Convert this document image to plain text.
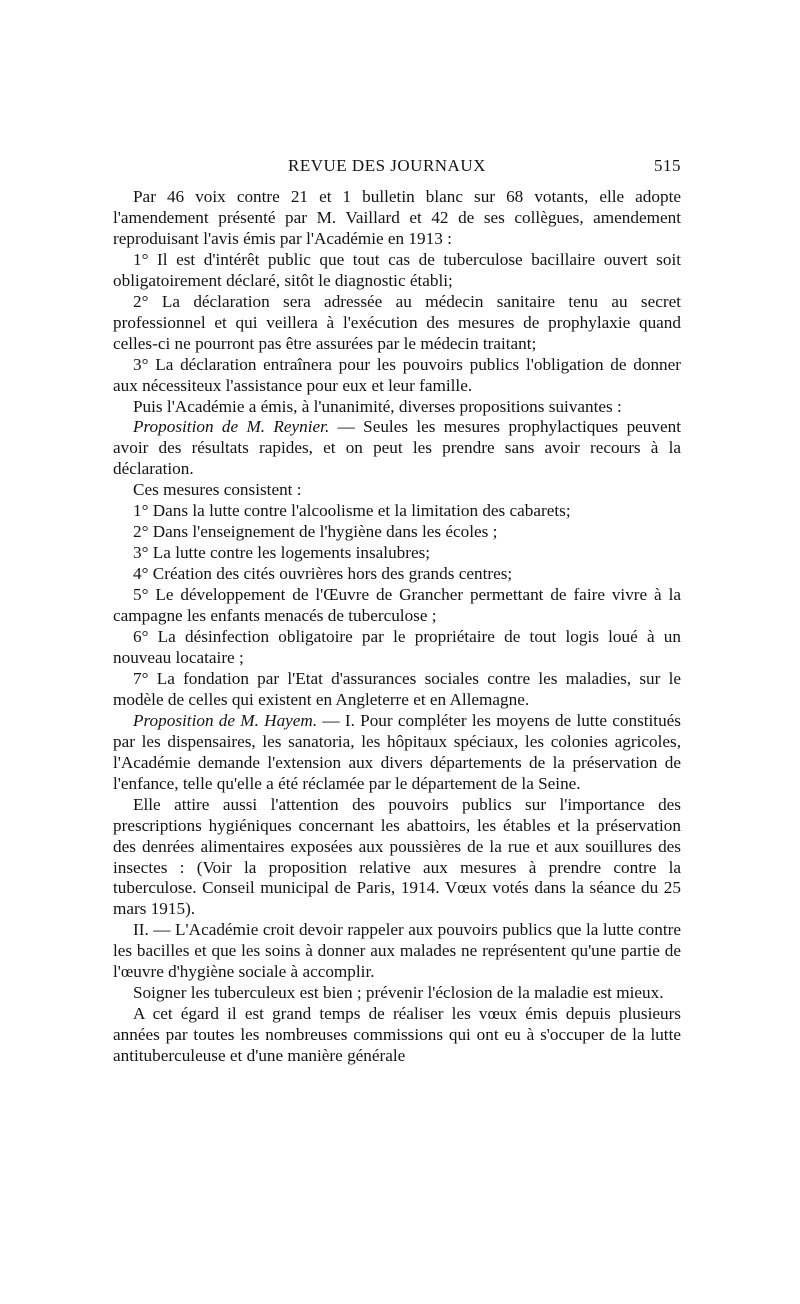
REVUE DES JOURNAUX	515

Par 46 voix contre 21 et 1 bulletin blanc sur 68 votants, elle adopte l'amendement présenté par M. Vaillard et 42 de ses collègues, amendement reproduisant l'avis émis par l'Académie en 1913 :

1° Il est d'intérêt public que tout cas de tuberculose bacillaire ouvert soit obligatoirement déclaré, sitôt le diagnostic établi;

2° La déclaration sera adressée au médecin sanitaire tenu au secret professionnel et qui veillera à l'exécution des mesures de prophylaxie quand celles-ci ne pourront pas être assurées par le médecin traitant;

3° La déclaration entraînera pour les pouvoirs publics l'obligation de donner aux nécessiteux l'assistance pour eux et leur famille.

Puis l'Académie a émis, à l'unanimité, diverses propositions suivantes :

Proposition de M. Reynier. — Seules les mesures prophylactiques peuvent avoir des résultats rapides, et on peut les prendre sans avoir recours à la déclaration.

Ces mesures consistent :

1° Dans la lutte contre l'alcoolisme et la limitation des cabarets;

2° Dans l'enseignement de l'hygiène dans les écoles ;

3° La lutte contre les logements insalubres;

4° Création des cités ouvrières hors des grands centres;

5° Le développement de l'Œuvre de Grancher permettant de faire vivre à la campagne les enfants menacés de tuberculose ;

6° La désinfection obligatoire par le propriétaire de tout logis loué à un nouveau locataire ;

7° La fondation par l'Etat d'assurances sociales contre les maladies, sur le modèle de celles qui existent en Angleterre et en Allemagne.

Proposition de M. Hayem. — I. Pour compléter les moyens de lutte constitués par les dispensaires, les sanatoria, les hôpitaux spéciaux, les colonies agricoles, l'Académie demande l'extension aux divers départements de la préservation de l'enfance, telle qu'elle a été réclamée par le département de la Seine.

Elle attire aussi l'attention des pouvoirs publics sur l'importance des prescriptions hygiéniques concernant les abattoirs, les étables et la préservation des denrées alimentaires exposées aux poussières de la rue et aux souillures des insectes : (Voir la proposition relative aux mesures à prendre contre la tuberculose. Conseil municipal de Paris, 1914. Vœux votés dans la séance du 25 mars 1915).

II. — L'Académie croit devoir rappeler aux pouvoirs publics que la lutte contre les bacilles et que les soins à donner aux malades ne représentent qu'une partie de l'œuvre d'hygiène sociale à accomplir.

Soigner les tuberculeux est bien ; prévenir l'éclosion de la maladie est mieux.

A cet égard il est grand temps de réaliser les vœux émis depuis plusieurs années par toutes les nombreuses commissions qui ont eu à s'occuper de la lutte antituberculeuse et d'une manière générale
